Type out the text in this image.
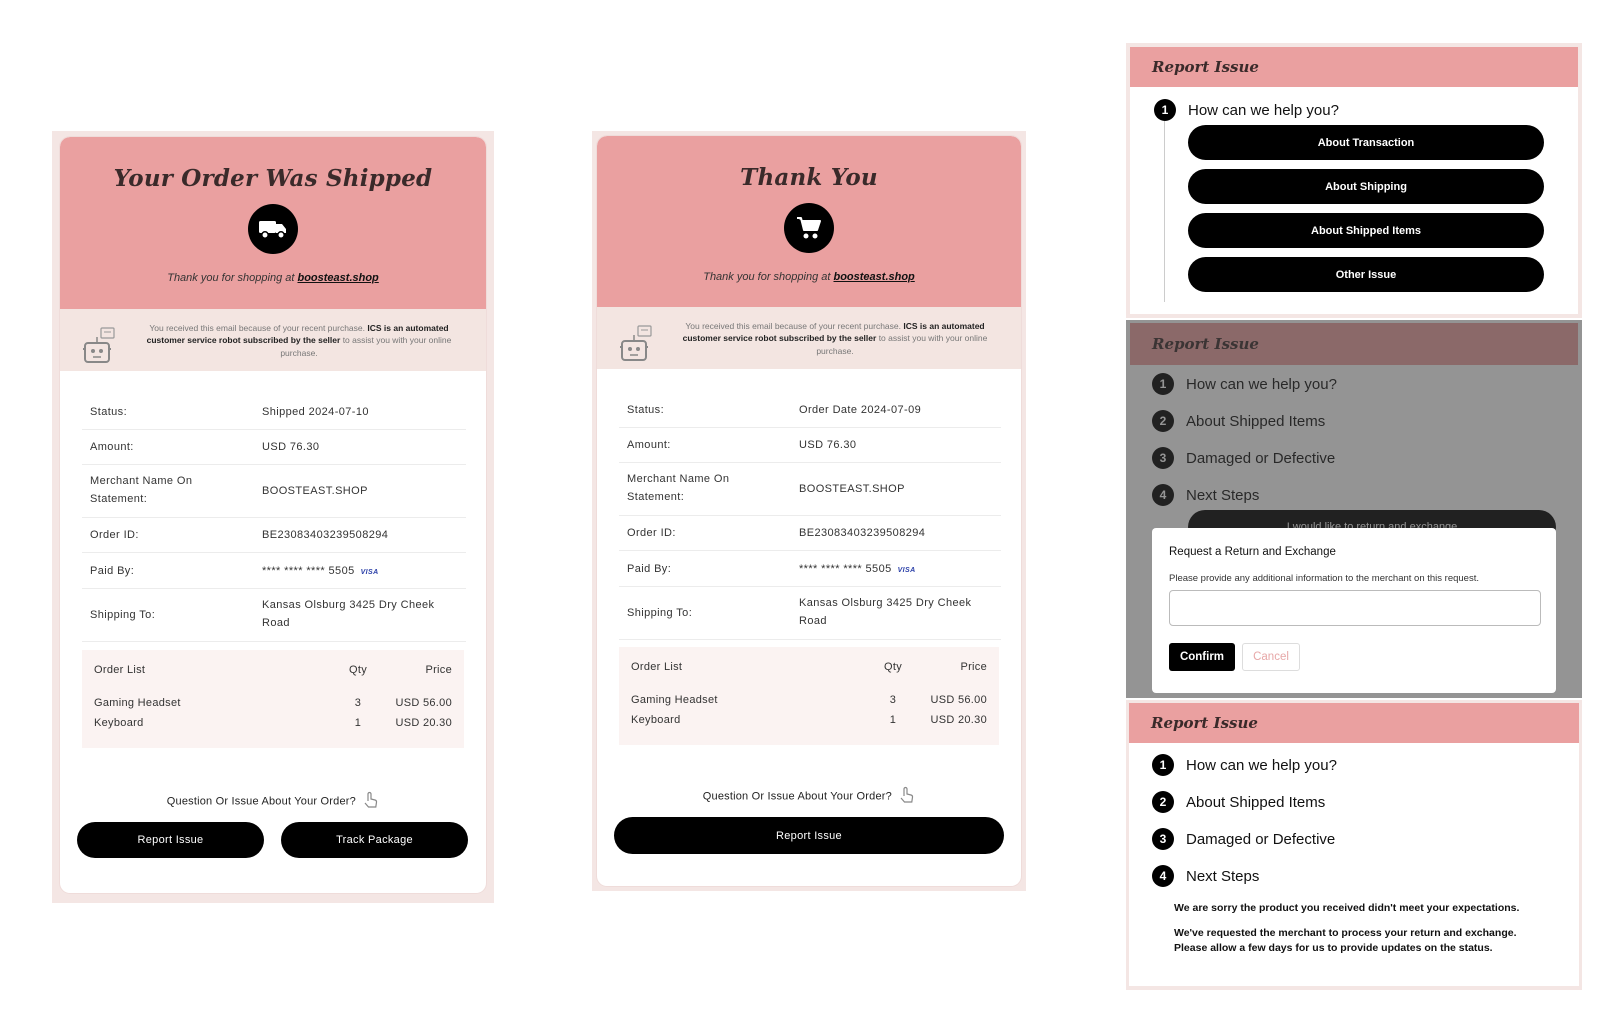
Your Order Was Shipped
Thank you for shopping at boosteast.shop
You received this email because of your recent purchase. ICS is an automated customer service robot subscribed by the seller to assist you with your online purchase.
Status:	Shipped 2024-07-10
Amount:	USD 76.30
Merchant Name On Statement:
BOOSTEAST.SHOP
Order ID:	BE23083403239508294
Paid By:	**** **** **** 5505 VISA
Shipping To:
Kansas Olsburg 3425 Dry Cheek Road
Order List	Qty	Price
Gaming Headset	3	USD 56.00
Keyboard	1	USD 20.30
Question Or Issue About Your Order?
Report Issue	Track Package
Thank You
Thank you for shopping at boosteast.shop
You received this email because of your recent purchase. ICS is an automated customer service robot subscribed by the seller to assist you with your online purchase.
Status:	Order Date 2024-07-09
Amount:	USD 76.30
Merchant Name On Statement:
BOOSTEAST.SHOP
Order ID:	BE23083403239508294
Paid By:	**** **** **** 5505 VISA
Shipping To:
Kansas Olsburg 3425 Dry Cheek Road
Order List	Qty	Price
Gaming Headset	3	USD 56.00
Keyboard	1	USD 20.30
Question Or Issue About Your Order?
Report Issue
Report Issue
1	How can we help you?
About Transaction
About Shipping
About Shipped Items
Other Issue
Request a Return and Exchange
Please provide any additional information to the merchant on this request.
Confirm	Cancel
Report Issue
1	How can we help you?
2	About Shipped Items
3	Damaged or Defective
4	Next Steps
We are sorry the product you received didn't meet your expectations.
We've requested the merchant to process your return and exchange. Please allow a few days for us to provide updates on the status.
